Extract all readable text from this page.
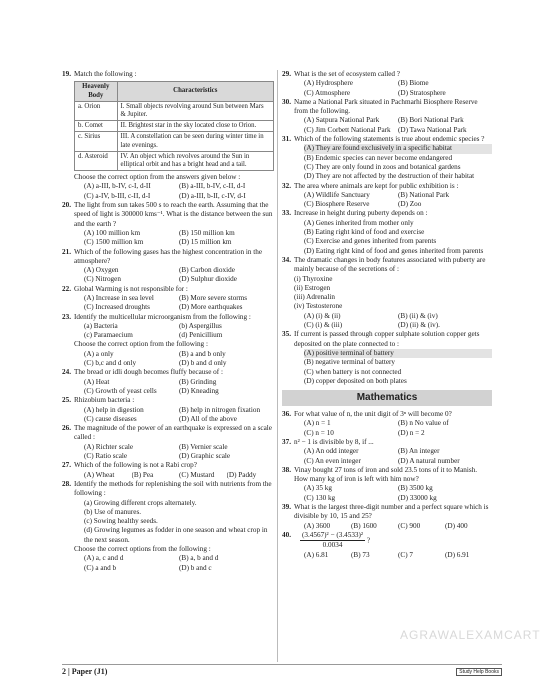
19. Match the following :
Heavenly Body	Characteristics
a. Orion	I. Small objects revolving around Sun between Mars & Jupiter.
b. Comet	II. Brightest star in the sky located close to Orion.
c. Sirius	III. A constellation can be seen during winter time in late evenings.
d. Asteroid	IV. An object which revolves around the Sun in elliptical orbit and has a bright head and a tail.
Choose the correct option from the answers given below :
(A) a-III, b-IV, c-I, d-II	(B) a-III, b-IV, c-II, d-I
(C) a-IV, b-III, c-II, d-I	(D) a-III, b-II, c-IV, d-I
20. The light from sun takes 500 s to reach the earth. Assuming that the speed of light is 300000 kms⁻¹. What is the distance between the sun and the earth ?
(A) 100 million km	(B) 150 million km
(C) 1500 million km	(D) 15 million km
21. Which of the following gases has the highest concentration in the atmosphere?
(A) Oxygen	(B) Carbon dioxide
(C) Nitrogen	(D) Sulphur dioxide
22. Global Warming is not responsible for :
(A) Increase in sea level	(B) More severe storms
(C) Increased droughts	(D) More earthquakes
23. Identify the multicellular microorganism from the following :
(a) Bacteria	(b) Aspergillus
(c) Paramaecium	(d) Penicillium
Choose the correct option from the following :
(A) a only	(B) a and b only
(C) b,c and d only	(D) b and d only
24. The bread or idli dough becomes fluffy because of :
(A) Heat	(B) Grinding
(C) Growth of yeast cells	(D) Kneading
25. Rhizobium bacteria :
(A) help in digestion	(B) help in nitrogen fixation
(C) cause diseases	(D) All of the above
26. The magnitude of the power of an earthquake is expressed on a scale called :
(A) Richter scale	(B) Vernier scale
(C) Ratio scale	(D) Graphic scale
27. Which of the following is not a Rabi crop?
(A) Wheat	(B) Pea	(C) Mustard	(D) Paddy
28. Identify the methods for replenishing the soil with nutrients from the following :
(a) Growing different crops alternately.
(b) Use of manures.
(c) Sowing healthy seeds.
(d) Growing legumes as fodder in one season and wheat crop in the next season.
Choose the correct options from the following :
(A) a, c and d	(B) a, b and d
(C) a and b	(D) b and c
29. What is the set of ecosystem called ?
(A) Hydrosphere	(B) Biome
(C) Atmosphere	(D) Stratosphere
30. Name a National Park situated in Pachmarhi Biosphere Reserve from the following.
(A) Satpura National Park	(B) Bori National Park
(C) Jim Corbett National Park	(D) Tawa National Park
31. Which of the following statements is true about endemic species ?
(A) They are found exclusively in a specific habitat
(B) Endemic species can never become endangered
(C) They are only found in zoos and botanical gardens
(D) They are not affected by the destruction of their habitat
32. The area where animals are kept for public exhibition is :
(A) Wildlife Sanctuary	(B) National Park
(C) Biosphere Reserve	(D) Zoo
33. Increase in height during puberty depends on :
(A) Genes inherited from mother only
(B) Eating right kind of food and exercise
(C) Exercise and genes inherited from parents
(D) Eating right kind of food and genes inherited from parents
34. The dramatic changes in body features associated with puberty are mainly because of the secretions of :
(i) Thyroxine
(ii) Estrogen
(iii) Adrenalin
(iv) Testosterone
(A) (i) & (ii)	(B) (ii) & (iv)
(C) (i) & (iii)	(D) (ii) & (iv).
35. If current is passed through copper sulphate solution copper gets deposited on the plate connected to :
(A) positive terminal of battery
(B) negative terminal of battery
(C) when battery is not connected
(D) copper deposited on both plates
Mathematics
36. For what value of n, the unit digit of 3ⁿ will become 0?
(A) n = 1	(B) n No value of
(C) n = 10	(D) n = 2
37. n² − 1 is divisible by 8, if ...
(A) An odd integer	(B) An integer
(C) An even integer	(D) A natural number
38. Vinay bought 27 tons of iron and sold 23.5 tons of it to Manish. How many kg of iron is left with him now?
(A) 35 kg	(B) 3500 kg
(C) 130 kg	(D) 33000 kg
39. What is the largest three-digit number and a perfect square which is divisible by 10, 15 and 25?
(A) 3600	(B) 1600	(C) 900	(D) 400
40. $\frac{\text{(3.4567)² − (3.4533)²}}{0.0034}$ ?
(A) 6.81	(B) 73	(C) 7	(D) 6.91
AGRAWALEXAMCART
2 | Paper (J1)	Study Help Books
